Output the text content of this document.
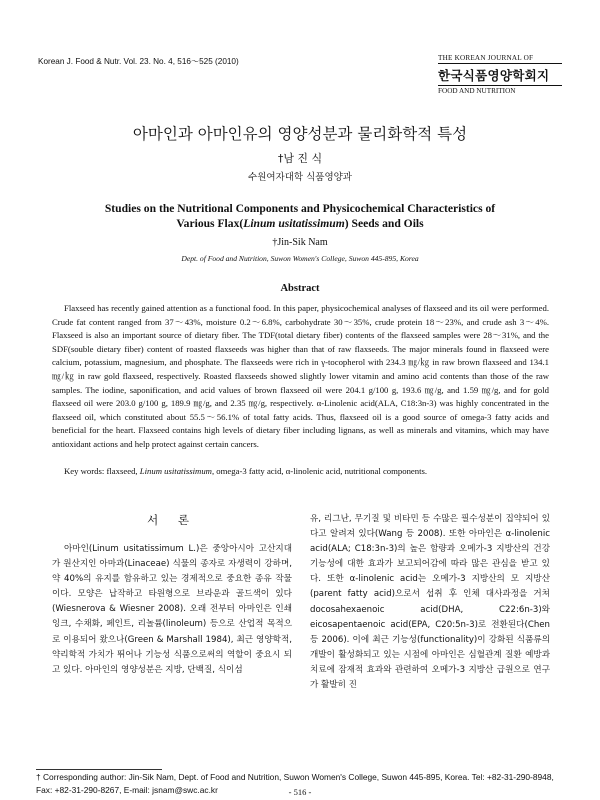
Korean J. Food & Nutr. Vol. 23. No. 4, 516～525 (2010)	THE KOREAN JOURNAL OF
한국식품영양학회지
FOOD AND NUTRITION
아마인과 아마인유의 영양성분과 물리화학적 특성
†남 진 식
수원여자대학 식품영양과
Studies on the Nutritional Components and Physicochemical Characteristics of
Various Flax(Linum usitatissimum) Seeds and Oils
†Jin-Sik Nam
Dept. of Food and Nutrition, Suwon Women's College, Suwon 445-895, Korea
Abstract
Flaxseed has recently gained attention as a functional food. In this paper, physicochemical analyses of flaxseed and its oil were performed. Crude fat content ranged from 37～43%, moisture 0.2～6.8%, carbohydrate 30～35%, crude protein 18～23%, and crude ash 3～4%. Flaxseed is also an important source of dietary fiber. The TDF(total dietary fiber) contents of the flaxseed samples were 28～31%, and the SDF(souble dietary fiber) content of roasted flaxseeds was higher than that of raw flaxseeds. The major minerals found in flaxseed were calcium, potassium, magnesium, and phosphate. The flaxseeds were rich in γ-tocopherol with 234.3 ㎎/㎏ in raw brown flaxseed and 134.1 ㎎/㎏ in raw gold flaxseed, respectively. Roasted flaxseeds showed slightly lower vitamin and amino acid contents than those of the raw samples. The iodine, saponification, and acid values of brown flaxseed oil were 204.1 g/100 g, 193.6 ㎎/g, and 1.59 ㎎/g, and for gold flaxseed oil were 203.0 g/100 g, 189.9 ㎎/g, and 2.35 ㎎/g, respectively. α-Linolenic acid(ALA, C18:3n-3) was highly concentrated in the flaxseed oil, which constituted about 55.5～56.1% of total fatty acids. Thus, flaxseed oil is a good source of omega-3 fatty acids and beneficial for the heart. Flaxseed contains high levels of dietary fiber including lignans, as well as minerals and vitamins, which may have antioxidant actions and help protect against certain cancers.
Key words: flaxseed, Linum usitatissimum, omega-3 fatty acid, α-linolenic acid, nutritional components.
서 론

아마인(Linum usitatissimum L.)은 중앙아시아 고산지대가 원산지인 아마과(Linaceae) 식물의 종자로 자생력이 강하며, 약 40%의 유지를 함유하고 있는 경제적으로 중요한 종유 작물이다. 모양은 납작하고 타원형으로 브라운과 골드색이 있다(Wiesnerova & Wiesner 2008). 오래 전부터 아마인은 인쇄 잉크, 수채화, 페인트, 리놀륨(linoleum) 등으로 산업적 목적으로 이용되어 왔으나(Green & Marshall 1984), 최근 영양학적, 약리학적 가치가 뛰어나 기능성 식품으로써의 역할이 중요시 되고 있다. 아마인의 영양성분은 지방, 단백질, 식이섬

유, 리그난, 무기질 및 비타민 등 수많은 필수성분이 집약되어 있다고 알려져 있다(Wang 등 2008). 또한 아마인은 α-linolenic acid(ALA; C18:3n-3)의 높은 함량과 오메가-3 지방산의 건강기능성에 대한 효과가 보고되어감에 따라 많은 관심을 받고 있다. 또한 α-linolenic acid는 오메가-3 지방산의 모 지방산(parent fatty acid)으로서 섭취 후 인체 대사과정을 거쳐 docosahexaenoic acid(DHA, C22:6n-3)와 eicosapentaenoic acid(EPA, C20:5n-3)로 전환된다(Chen 등 2006). 이에 최근 기능성(functionality)이 강화된 식품류의 개발이 활성화되고 있는 시점에 아마인은 심혈관계 질환 예방과 치료에 잠재적 효과와 관련하여 오메가-3 지방산 급원으로 연구가 활발히 진

† Corresponding author: Jin-Sik Nam, Dept. of Food and Nutrition, Suwon Women's College, Suwon 445-895, Korea. Tel: +82-31-290-8948, Fax: +82-31-290-8267, E-mail: jsnam@swc.ac.kr	- 516 -
